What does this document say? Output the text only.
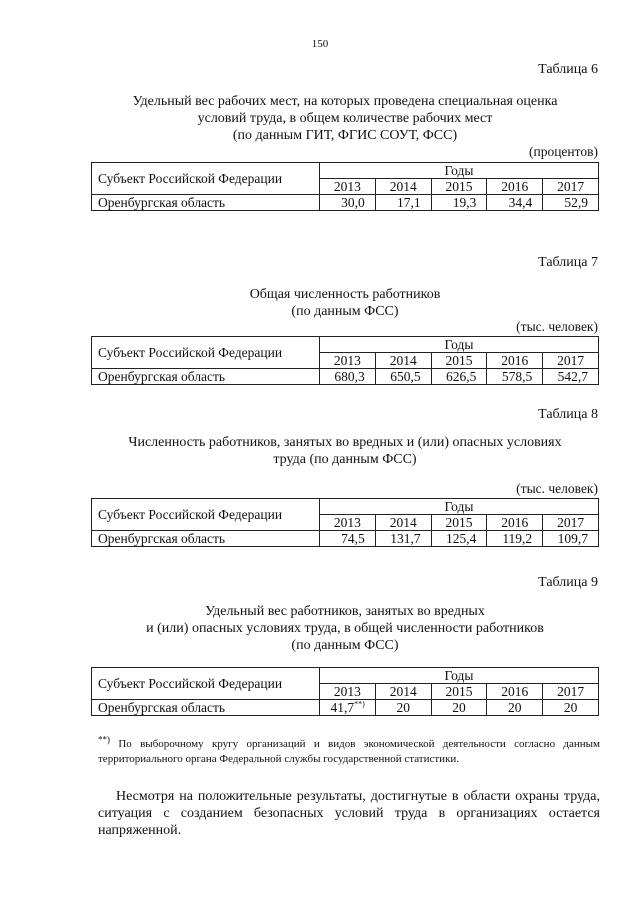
150
Таблица 6
Удельный вес рабочих мест, на которых проведена специальная оценка
условий труда, в общем количестве рабочих мест
(по данным ГИТ, ФГИС СОУТ, ФСС)
(процентов)
Субъект Российской Федерации	Годы				
	2013	2014	2015	2016	2017
Оренбургская область	30,0	17,1	19,3	34,4	52,9
Таблица 7
Общая численность работников
(по данным ФСС)
(тыс. человек)
Субъект Российской Федерации	Годы				
	2013	2014	2015	2016	2017
Оренбургская область	680,3	650,5	626,5	578,5	542,7
Таблица 8
Численность работников, занятых во вредных и (или) опасных условиях
труда (по данным ФСС)
(тыс. человек)
Субъект Российской Федерации	Годы				
	2013	2014	2015	2016	2017
Оренбургская область	74,5	131,7	125,4	119,2	109,7
Таблица 9
Удельный вес работников, занятых во вредных
и (или) опасных условиях труда, в общей численности работников
(по данным ФСС)
Субъект Российской Федерации	Годы				
	2013	2014	2015	2016	2017
Оренбургская область	41,7**)	20	20	20	20
**) По выборочному кругу организаций и видов экономической деятельности согласно данным территориального органа Федеральной службы государственной статистики.
Несмотря на положительные результаты, достигнутые в области охраны труда, ситуация с созданием безопасных условий труда в организациях остается напряженной.
